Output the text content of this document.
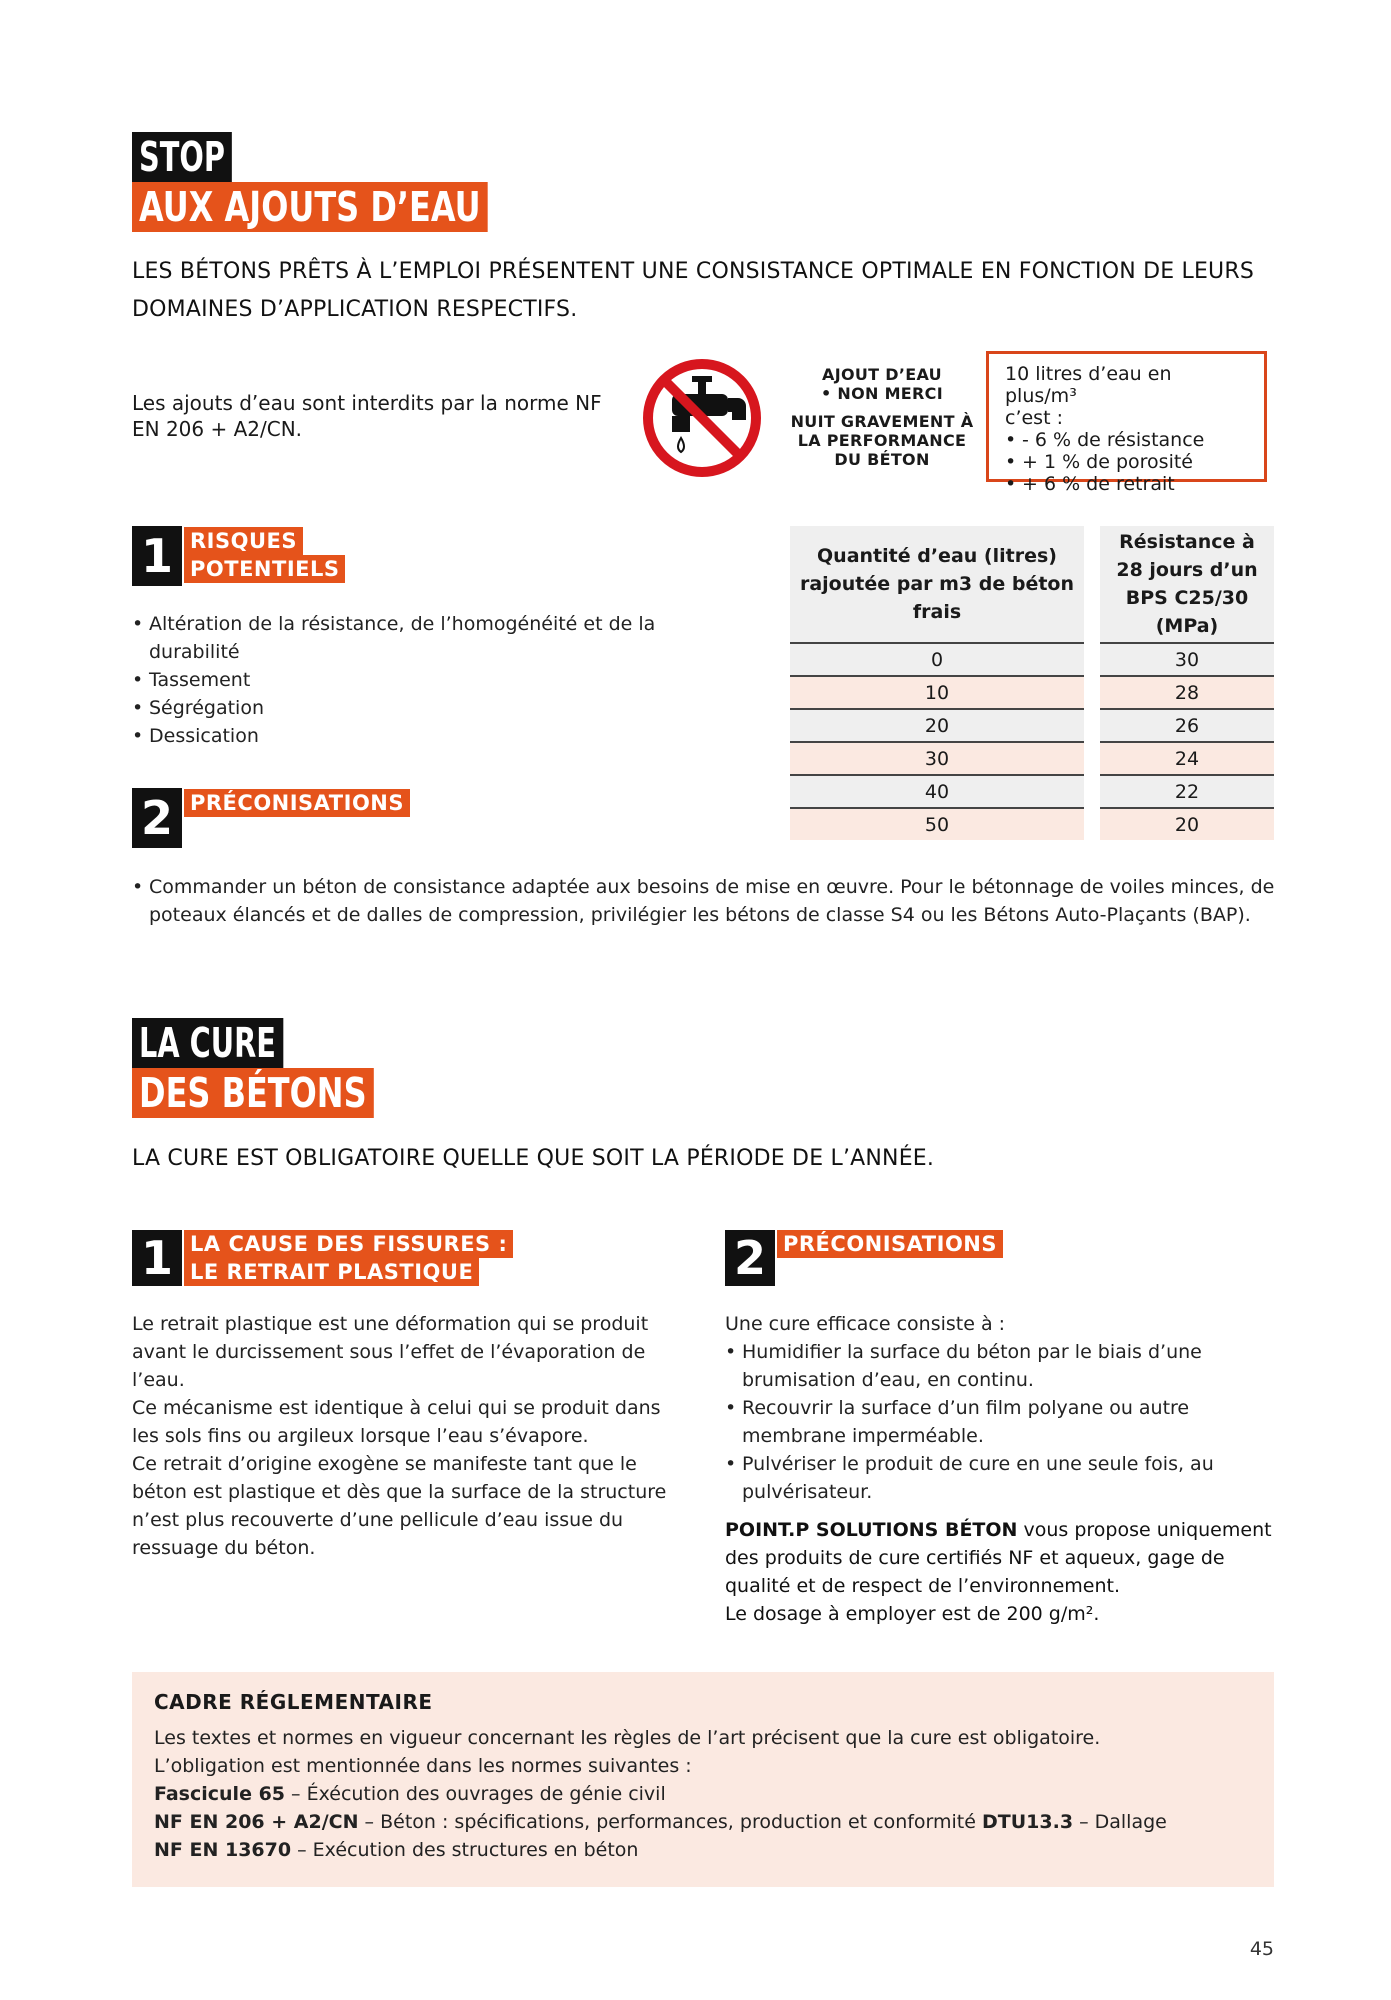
STOP
AUX AJOUTS D’EAU
LES BÉTONS PRÊTS À L’EMPLOI PRÉSENTENT UNE CONSISTANCE OPTIMALE EN FONCTION DE LEURS DOMAINES D’APPLICATION RESPECTIFS.
Les ajouts d’eau sont interdits par la norme NF EN 206 + A2/CN.
AJOUT D’EAU
• NON MERCI
NUIT GRAVEMENT À
LA PERFORMANCE
DU BÉTON
10 litres d’eau en plus/m³
c’est :
• - 6 % de résistance
• + 1 % de porosité
• + 6 % de retrait
1 RISQUES
POTENTIELS
• Altération de la résistance, de l’homogénéité et de la durabilité
• Tassement
• Ségrégation
• Dessication
2 PRÉCONISATIONS
• Commander un béton de consistance adaptée aux besoins de mise en œuvre. Pour le bétonnage de voiles minces, de poteaux élancés et de dalles de compression, privilégier les bétons de classe S4 ou les Bétons Auto-Plaçants (BAP).
Quantité d’eau (litres) rajoutée par m3 de béton frais		Résistance à 28 jours d’un BPS C25/30 (MPa)
0		30
10		28
20		26
30		24
40		22
50		20
LA CURE
DES BÉTONS
LA CURE EST OBLIGATOIRE QUELLE QUE SOIT LA PÉRIODE DE L’ANNÉE.
1 LA CAUSE DES FISSURES :
LE RETRAIT PLASTIQUE
Le retrait plastique est une déformation qui se produit avant le durcissement sous l’effet de l’évaporation de l’eau.
Ce mécanisme est identique à celui qui se produit dans les sols fins ou argileux lorsque l’eau s’évapore.
Ce retrait d’origine exogène se manifeste tant que le béton est plastique et dès que la surface de la structure n’est plus recouverte d’une pellicule d’eau issue du ressuage du béton.
2 PRÉCONISATIONS
Une cure efficace consiste à :
• Humidifier la surface du béton par le biais d’une brumisation d’eau, en continu.
• Recouvrir la surface d’un film polyane ou autre membrane imperméable.
• Pulvériser le produit de cure en une seule fois, au pulvérisateur.
POINT.P SOLUTIONS BÉTON vous propose uniquement des produits de cure certifiés NF et aqueux, gage de qualité et de respect de l’environnement.
Le dosage à employer est de 200 g/m².
CADRE RÉGLEMENTAIRE
Les textes et normes en vigueur concernant les règles de l’art précisent que la cure est obligatoire.
L’obligation est mentionnée dans les normes suivantes :
Fascicule 65 – Éxécution des ouvrages de génie civil
NF EN 206 + A2/CN – Béton : spécifications, performances, production et conformité DTU13.3 – Dallage
NF EN 13670 – Exécution des structures en béton
45
